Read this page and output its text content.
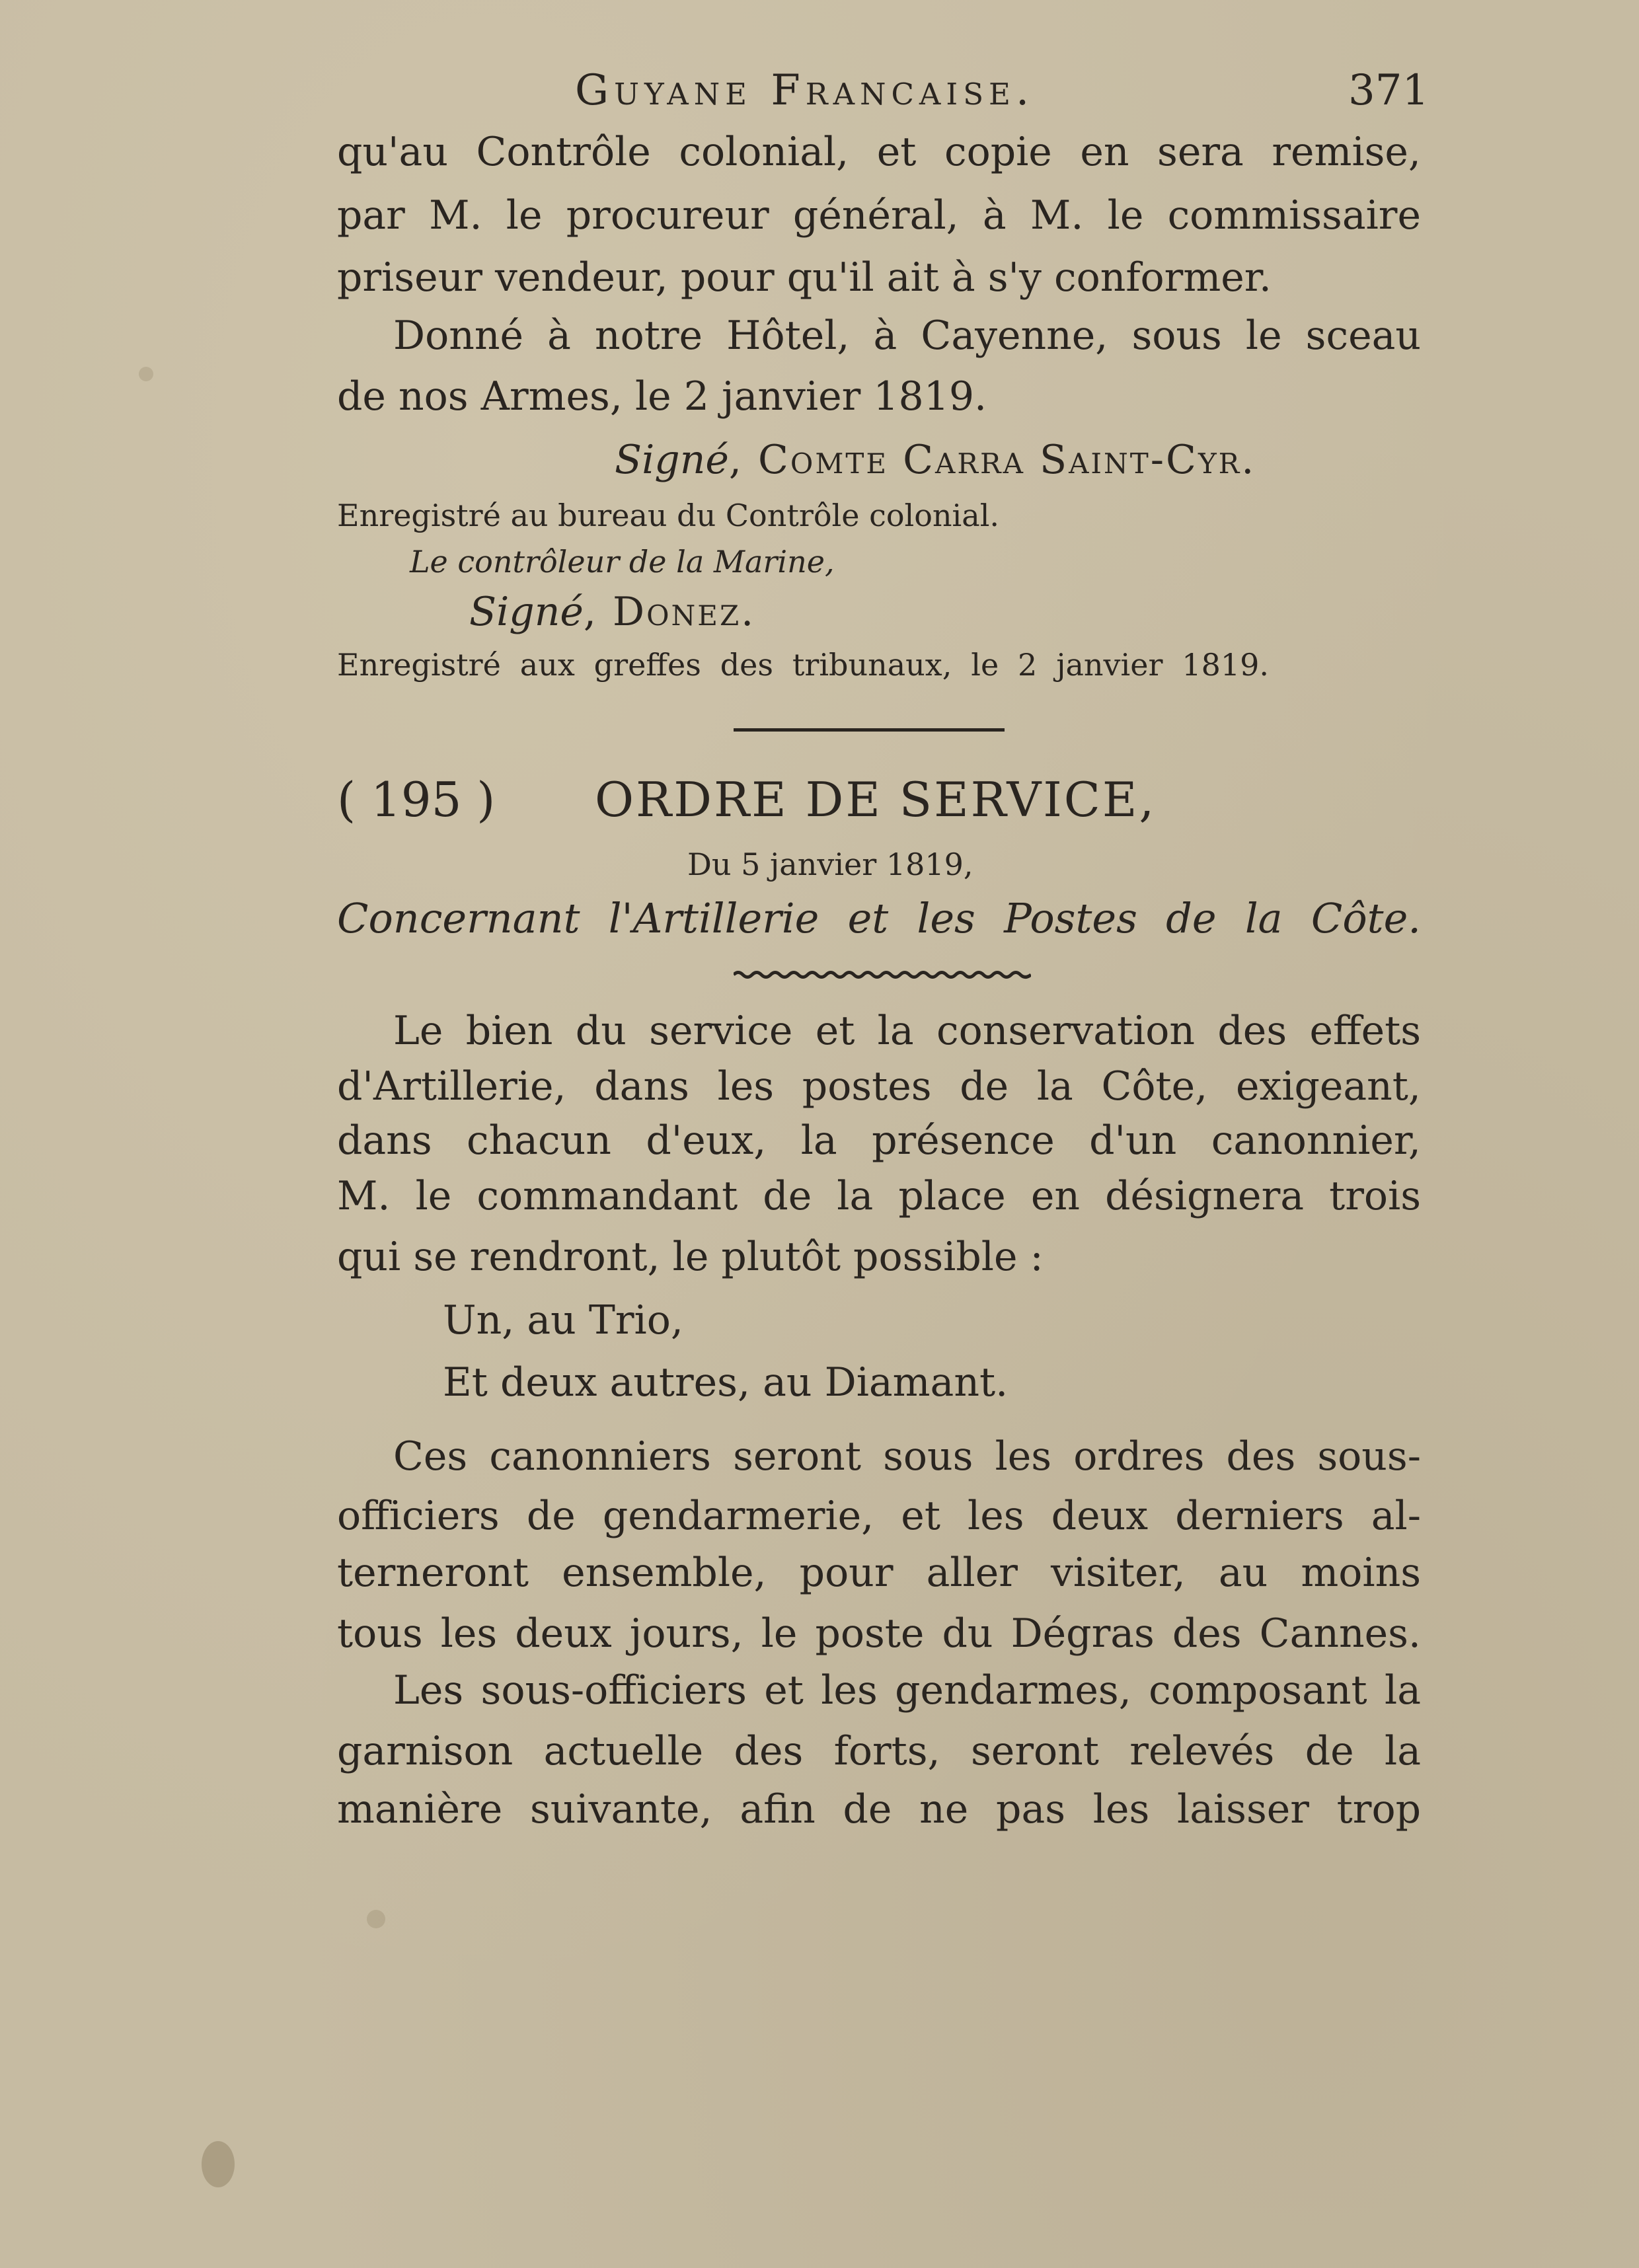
Guyane Francaise.	371
qu'au Contrôle colonial, et copie en sera remise,
par M. le procureur général, à M. le commissaire
priseur vendeur, pour qu'il ait à s'y conformer.
Donné à notre Hôtel, à Cayenne, sous le sceau
de nos Armes, le 2 janvier 1819.
Signé, Comte Carra Saint-Cyr.
Enregistré au bureau du Contrôle colonial.
Le contrôleur de la Marine,
Signé, Donez.
Enregistré aux greffes des tribunaux, le 2 janvier 1819.
( 195 )	ORDRE DE SERVICE,
Du 5 janvier 1819,
Concernant l'Artillerie et les Postes de la Côte.
Le bien du service et la conservation des effets
d'Artillerie, dans les postes de la Côte, exigeant,
dans chacun d'eux, la présence d'un canonnier,
M. le commandant de la place en désignera trois
qui se rendront, le plutôt possible :
Un, au Trio,
Et deux autres, au Diamant.
Ces canonniers seront sous les ordres des sous-
officiers de gendarmerie, et les deux derniers al-
terneront ensemble, pour aller visiter, au moins
tous les deux jours, le poste du Dégras des Cannes.
Les sous-officiers et les gendarmes, composant la
garnison actuelle des forts, seront relevés de la
manière suivante, afin de ne pas les laisser trop
